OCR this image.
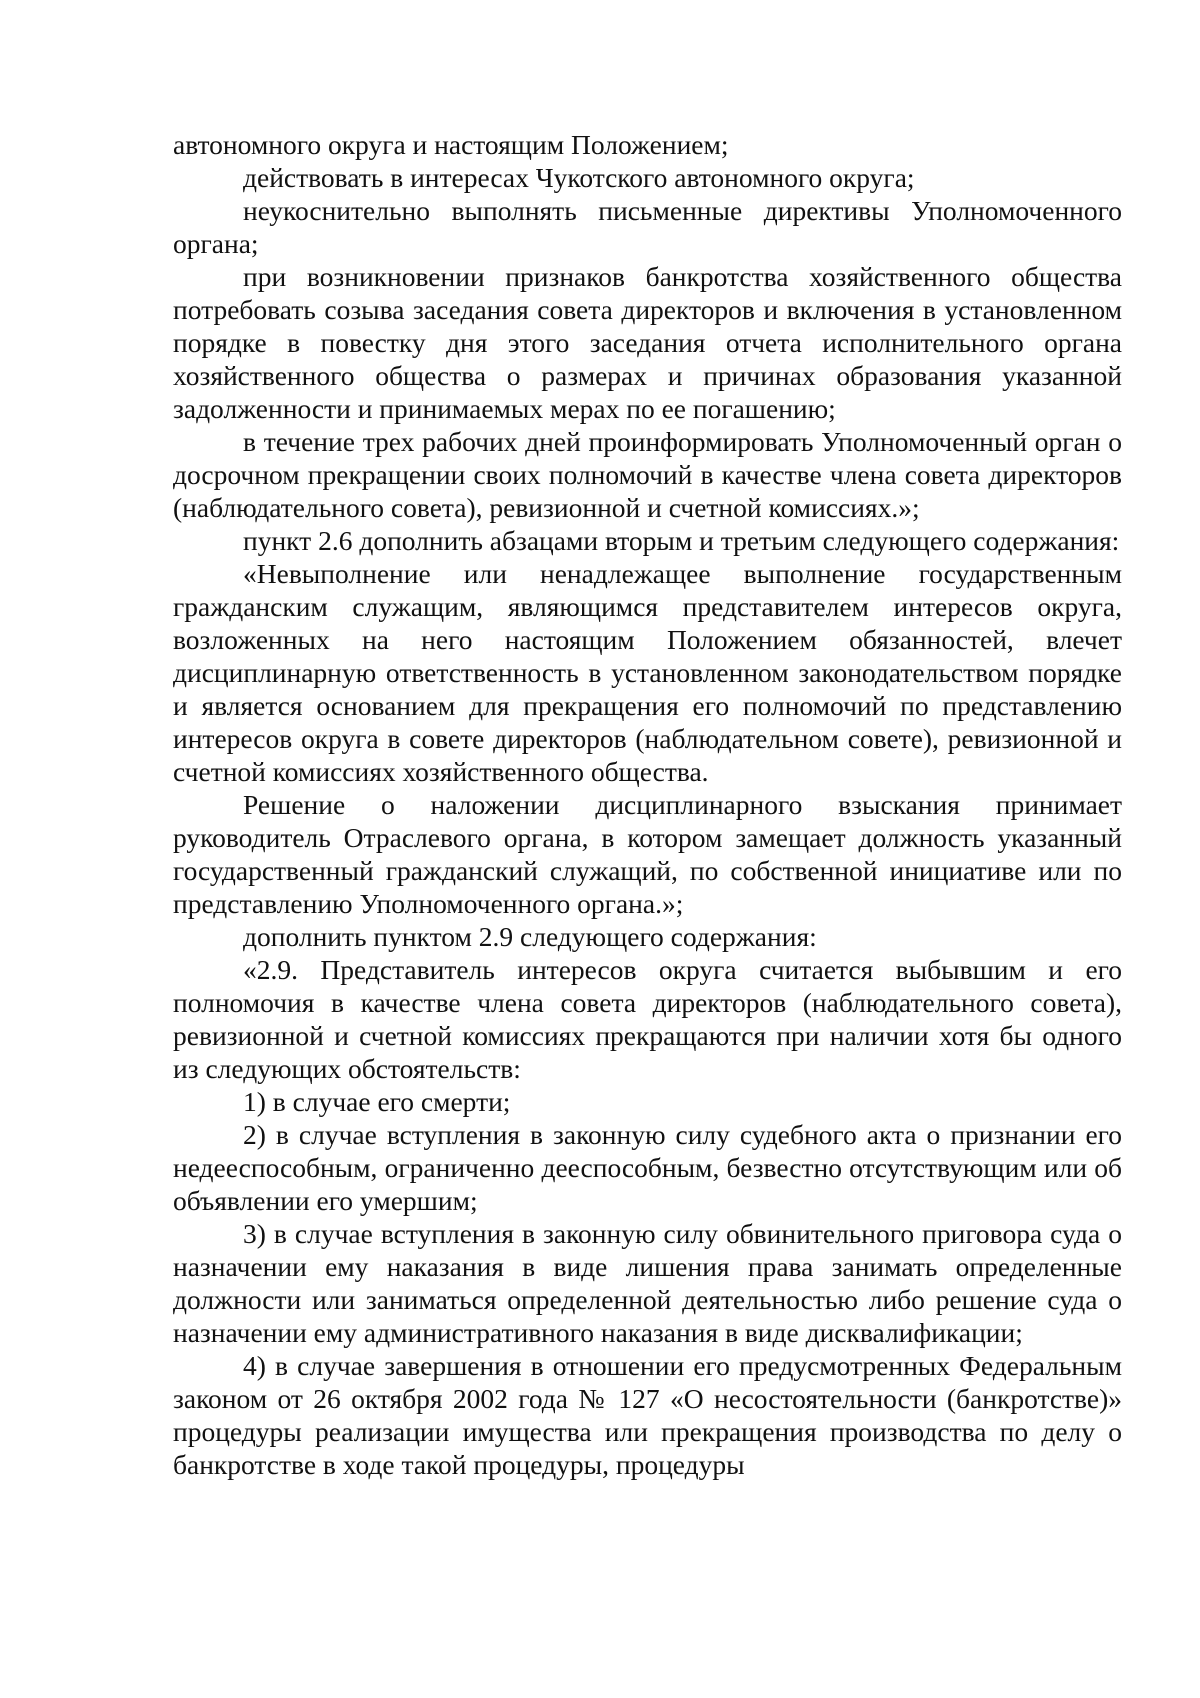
автономного округа и настоящим Положением;

действовать в интересах Чукотского автономного округа;

неукоснительно выполнять письменные директивы Уполномоченного органа;

при возникновении признаков банкротства хозяйственного общества потребовать созыва заседания совета директоров и включения в установленном порядке в повестку дня этого заседания отчета исполнительного органа хозяйственного общества о размерах и причинах образования указанной задолженности и принимаемых мерах по ее погашению;

в течение трех рабочих дней проинформировать Уполномоченный орган о досрочном прекращении своих полномочий в качестве члена совета директоров (наблюдательного совета), ревизионной и счетной комиссиях.»;

пункт 2.6 дополнить абзацами вторым и третьим следующего содержания:

«Невыполнение или ненадлежащее выполнение государственным гражданским служащим, являющимся представителем интересов округа, возложенных на него настоящим Положением обязанностей, влечет дисциплинарную ответственность в установленном законодательством порядке и является основанием для прекращения его полномочий по представлению интересов округа в совете директоров (наблюдательном совете), ревизионной и счетной комиссиях хозяйственного общества.

Решение о наложении дисциплинарного взыскания принимает руководитель Отраслевого органа, в котором замещает должность указанный государственный гражданский служащий, по собственной инициативе или по представлению Уполномоченного органа.»;

дополнить пунктом 2.9 следующего содержания:

«2.9. Представитель интересов округа считается выбывшим и его полномочия в качестве члена совета директоров (наблюдательного совета), ревизионной и счетной комиссиях прекращаются при наличии хотя бы одного из следующих обстоятельств:

1) в случае его смерти;

2) в случае вступления в законную силу судебного акта о признании его недееспособным, ограниченно дееспособным, безвестно отсутствующим или об объявлении его умершим;

3) в случае вступления в законную силу обвинительного приговора суда о назначении ему наказания в виде лишения права занимать определенные должности или заниматься определенной деятельностью либо решение суда о назначении ему административного наказания в виде дисквалификации;

4) в случае завершения в отношении его предусмотренных Федеральным законом от 26 октября 2002 года № 127 «О несостоятельности (банкротстве)» процедуры реализации имущества или прекращения производства по делу о банкротстве в ходе такой процедуры, процедуры
